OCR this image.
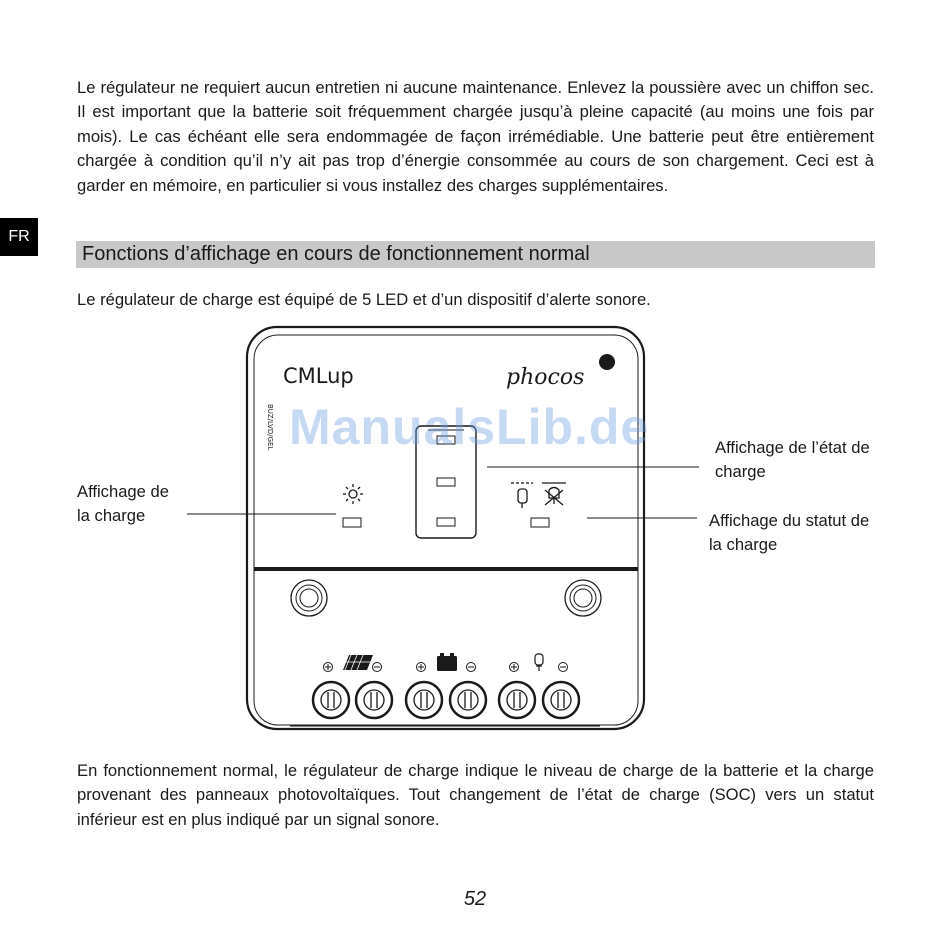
Le régulateur ne requiert aucun entretien ni aucune maintenance. Enlevez la poussière avec un chiffon sec. Il est important que la batterie soit fréquemment chargée jusqu’à pleine capacité (au moins une fois par mois). Le cas échéant elle sera endommagée de façon irrémédiable. Une batterie peut être entièrement chargée à condition qu’il n’y ait pas trop d’énergie consommée au cours de son chargement. Ceci est à garder en mémoire, en particulier si vous installez des charges supplémentaires.

FR
Fonctions d’affichage en cours de fonctionnement normal
Le régulateur de charge est équipé de 5 LED et d’un dispositif d’alerte sonore.
CMLup	phocos
BUZ/LVD/GEL
Affichage de
la charge
Affichage de l’état de
charge
Affichage du statut de
la charge
ManualsLib.de

En fonctionnement normal, le régulateur de charge indique le niveau de charge de la batterie et la charge provenant des panneaux photovoltaïques. Tout changement de l’état de charge (SOC) vers un statut inférieur est en plus indiqué par un signal sonore.

52
